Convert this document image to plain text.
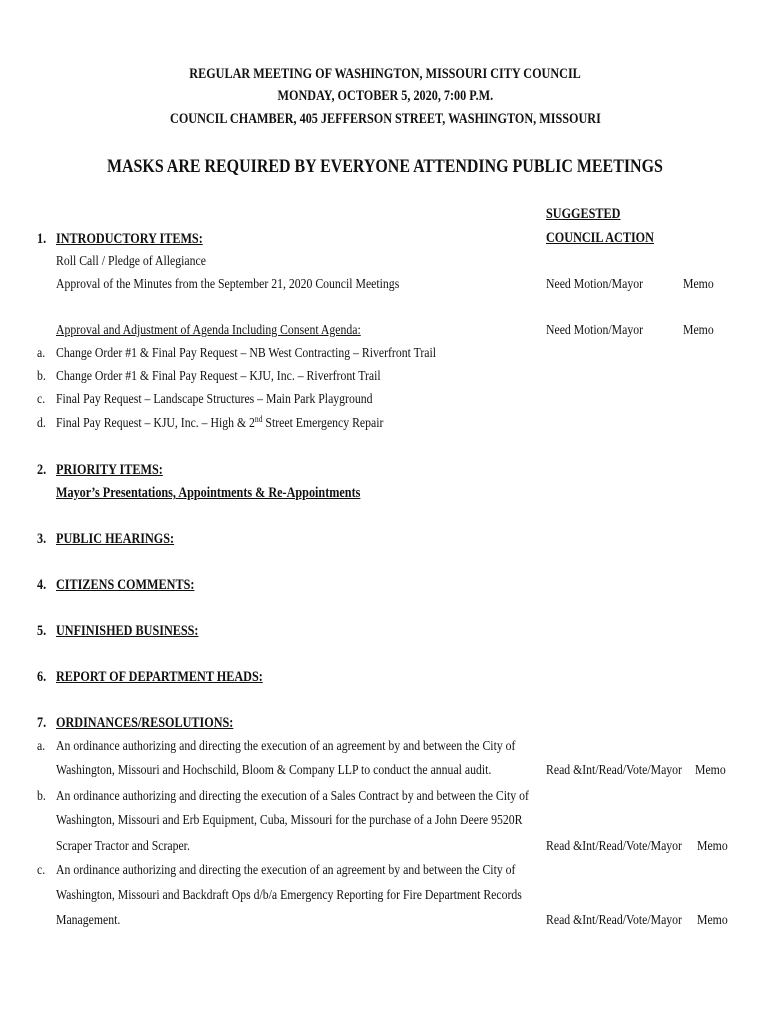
REGULAR MEETING OF WASHINGTON, MISSOURI CITY COUNCIL
MONDAY, OCTOBER 5, 2020, 7:00 P.M.
COUNCIL CHAMBER, 405 JEFFERSON STREET, WASHINGTON, MISSOURI
MASKS ARE REQUIRED BY EVERYONE ATTENDING PUBLIC MEETINGS
SUGGESTED
COUNCIL ACTION
1. INTRODUCTORY ITEMS:
Roll Call / Pledge of Allegiance
Approval of the Minutes from the September 21, 2020 Council Meetings	Need Motion/Mayor	Memo
Approval and Adjustment of Agenda Including Consent Agenda:	Need Motion/Mayor	Memo
a. Change Order #1 & Final Pay Request – NB West Contracting – Riverfront Trail
b. Change Order #1 & Final Pay Request – KJU, Inc. – Riverfront Trail
c. Final Pay Request – Landscape Structures – Main Park Playground
d. Final Pay Request – KJU, Inc. – High & 2nd Street Emergency Repair
2. PRIORITY ITEMS:
Mayor’s Presentations, Appointments & Re-Appointments
3. PUBLIC HEARINGS:
4. CITIZENS COMMENTS:
5. UNFINISHED BUSINESS:
6. REPORT OF DEPARTMENT HEADS:
7. ORDINANCES/RESOLUTIONS:
a. An ordinance authorizing and directing the execution of an agreement by and between the City of
Washington, Missouri and Hochschild, Bloom & Company LLP to conduct the annual audit.	Read &Int/Read/Vote/Mayor Memo
b. An ordinance authorizing and directing the execution of a Sales Contract by and between the City of
Washington, Missouri and Erb Equipment, Cuba, Missouri for the purchase of a John Deere 9520R
Scraper Tractor and Scraper.	Read &Int/Read/Vote/Mayor Memo
c. An ordinance authorizing and directing the execution of an agreement by and between the City of
Washington, Missouri and Backdraft Ops d/b/a Emergency Reporting for Fire Department Records
Management.	Read &Int/Read/Vote/Mayor Memo
